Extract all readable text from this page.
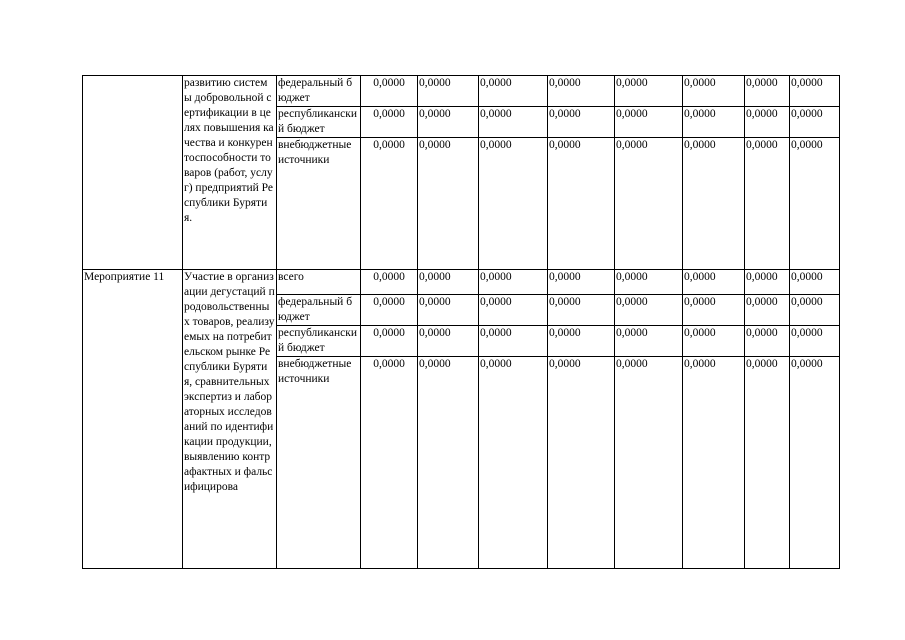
	развитию системы добровольной сертификации в целях повышения качества и конкурентоспособности товаров (работ, услуг) предприятий Республики Бурятия.	федеральный бюджет	0,0000	0,0000	0,0000	0,0000	0,0000	0,0000	0,0000	0,0000
		республиканский бюджет	0,0000	0,0000	0,0000	0,0000	0,0000	0,0000	0,0000	0,0000
		внебюджетные источники	0,0000	0,0000	0,0000	0,0000	0,0000	0,0000	0,0000	0,0000
Мероприятие 11	Участие в организации дегустаций продовольственных товаров, реализуемых на потребительском рынке Республики Бурятия, сравнительных экспертиз и лабораторных исследований по идентификации продукции, выявлению контрафактных и фальсифицирова	всего	0,0000	0,0000	0,0000	0,0000	0,0000	0,0000	0,0000	0,0000
		федеральный бюджет	0,0000	0,0000	0,0000	0,0000	0,0000	0,0000	0,0000	0,0000
		республиканский бюджет	0,0000	0,0000	0,0000	0,0000	0,0000	0,0000	0,0000	0,0000
		внебюджетные источники	0,0000	0,0000	0,0000	0,0000	0,0000	0,0000	0,0000	0,0000
